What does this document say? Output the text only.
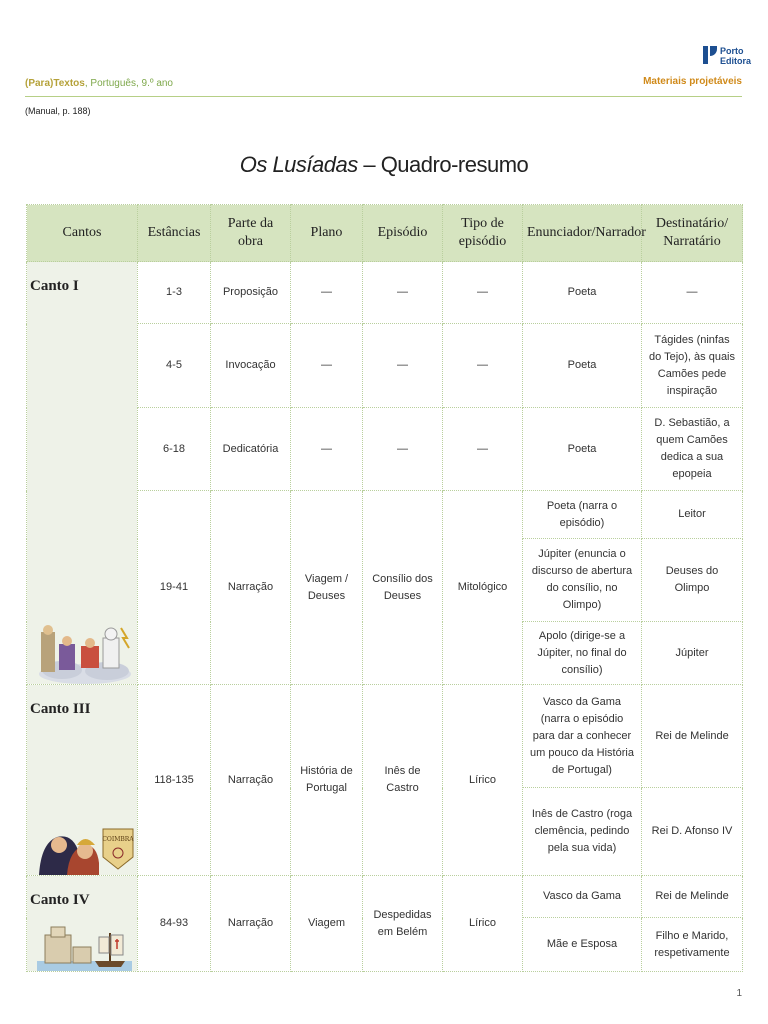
Porto
Editora
(Para)Textos, Português, 9.º ano	Materiais projetáveis
(Manual, p. 188)
Os Lusíadas – Quadro-resumo
Cantos	Estâncias	Parte da obra	Plano	Episódio	Tipo de episódio	Enunciador/Narrador	Destinatário/ Narratário

Canto I	1-3	Proposição	—	—	—	Poeta	—
	4-5	Invocação	—	—	—	Poeta	Tágides (ninfas do Tejo), às quais Camões pede inspiração
	6-18	Dedicatória	—	—	—	Poeta	D. Sebastião, a quem Camões dedica a sua epopeia
	19-41	Narração	Viagem / Deuses	Consílio dos Deuses	Mitológico	Poeta (narra o episódio)	Leitor
						Júpiter (enuncia o discurso de abertura do consílio, no Olimpo)	Deuses do Olimpo
						Apolo (dirige-se a Júpiter, no final do consílio)	Júpiter

Canto III
COIMBRA	118-135	Narração	História de Portugal	Inês de Castro	Lírico	Vasco da Gama (narra o episódio para dar a conhecer um pouco da História de Portugal)	Rei de Melinde
						Inês de Castro (roga clemência, pedindo pela sua vida)	Rei D. Afonso IV

Canto IV	84-93	Narração	Viagem	Despedidas em Belém	Lírico	Vasco da Gama	Rei de Melinde
						Mãe e Esposa	Filho e Marido, respetivamente
1
